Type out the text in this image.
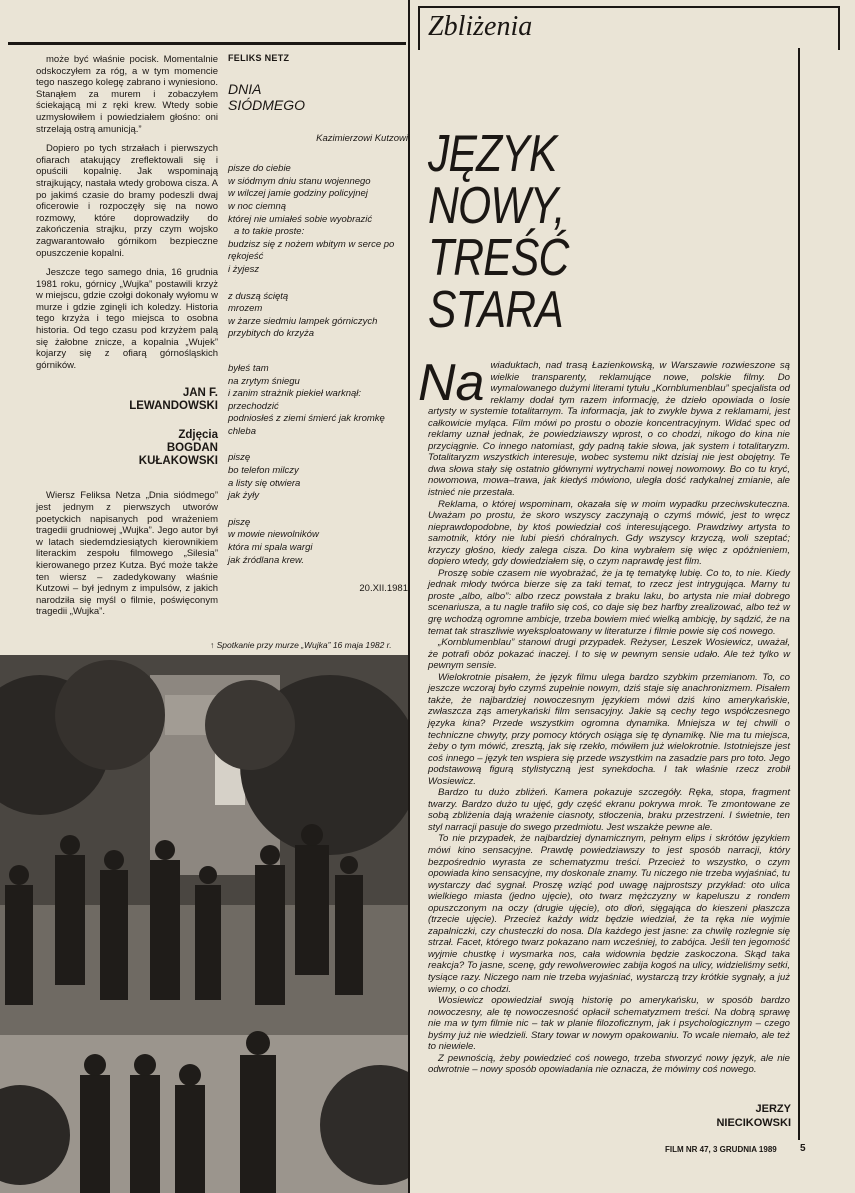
może być właśnie pocisk. Momentalnie odskoczyłem za róg, a w tym momencie tego naszego kolegę zabrano i wyniesiono. Stanąłem za murem i zobaczyłem ściekającą mi z ręki krew. Wtedy sobie uzmysłowiłem i powiedziałem głośno: oni strzelają ostrą amunicją.”

Dopiero po tych strzałach i pierwszych ofiarach atakujący zreflektowali się i opuścili kopalnię. Jak wspominają strajkujący, nastała wtedy grobowa cisza. A po jakimś czasie do bramy podeszli dwaj oficerowie i rozpoczęły się na nowo rozmowy, które doprowadziły do zakończenia strajku, przy czym wojsko zagwarantowało górnikom bezpieczne opuszczenie kopalni.

Jeszcze tego samego dnia, 16 grudnia 1981 roku, górnicy „Wujka” postawili krzyż w miejscu, gdzie czołgi dokonały wyłomu w murze i gdzie zginęli ich koledzy. Historia tego krzyża i tego miejsca to osobna historia. Od tego czasu pod krzyżem palą się żałobne znicze, a kopalnia „Wujek” kojarzy się z ofiarą górnośląskich górników.

JAN F.
LEWANDOWSKI
Zdjęcia
BOGDAN
KUŁAKOWSKI

Wiersz Feliksa Netza „Dnia siódmego” jest jednym z pierwszych utworów poetyckich napisanych pod wrażeniem tragedii grudniowej „Wujka”. Jego autor był w latach siedemdziesiątych kierownikiem literackim zespołu filmowego „Silesia” kierowanego przez Kutza. Być może także ten wiersz – zadedykowany właśnie Kutzowi – był jednym z impulsów, z jakich narodziła się myśl o filmie, poświęconym tragedii „Wujka”.

FELIKS NETZ

DNIA
SIÓDMEGO

Kazimierzowi Kutzowi

pisze do ciebie
w siódmym dniu stanu wojennego
w wilczej jamie godziny policyjnej
w noc ciemną
której nie umiałeś sobie wyobrazić
a to takie proste:
budzisz się z nożem wbitym w serce po rękojeść
i żyjesz
z duszą ściętą
mrozem
w żarze siedmiu lampek górniczych
przybitych do krzyża
byłeś tam
na zrytym śniegu
i zanim strażnik piekieł warknął:
przechodzić
podniosłeś z ziemi śmierć jak kromkę chleba
piszę
bo telefon milczy
a listy się otwiera
jak żyły
piszę
w mowie niewolników
która mi spala wargi
jak źródlana krew.
20.XII.1981
↑ Spotkanie przy murze „Wujka” 16 maja 1982 r.
Zbliżenia
JĘZYK
NOWY,
TREŚĆ
STARA

Na wiaduktach, nad trasą Łazienkowską, w Warszawie rozwieszone są wielkie transparenty, reklamujące nowe, polskie filmy. Do wymalowanego dużymi literami tytułu „Kornblumenblau” specjalista od reklamy dodał tym razem informację, że dzieło opowiada o losie artysty w systemie totalitarnym. Ta informacja, jak to zwykle bywa z reklamami, jest całkowicie myląca. Film mówi po prostu o obozie koncentracyjnym. Widać spec od reklamy uznał jednak, że powiedziawszy wprost, o co chodzi, nikogo do kina nie przyciągnie. Co innego natomiast, gdy padną takie słowa, jak system i totalitaryzm. Totalitaryzm wszystkich interesuje, wobec systemu nikt dzisiaj nie jest obojętny. Te dwa słowa stały się ostatnio głównymi wytrychami nowej nowomowy. Bo co tu kryć, nowomowa, mowa–trawa, jak kiedyś mówiono, uległa dość radykalnej zmianie, ale istnieć nie przestała.

Reklama, o której wspominam, okazała się w moim wypadku przeciwskuteczna. Uważam po prostu, że skoro wszyscy zaczynają o czymś mówić, jest to wręcz nieprawdopodobne, by ktoś powiedział coś interesującego. Prawdziwy artysta to samotnik, który nie lubi pieśń chóralnych. Gdy wszyscy krzyczą, woli szeptać; krzyczy głośno, kiedy zalega cisza. Do kina wybrałem się więc z opóźnieniem, dopiero wtedy, gdy dowiedziałem się, o czym naprawdę jest film.

Proszę sobie czasem nie wyobrażać, że ja tę tematykę lubię. Co to, to nie. Kiedy jednak młody twórca bierze się za taki temat, to rzecz jest intrygująca. Marny tu proste „albo, albo”: albo rzecz powstała z braku laku, bo artysta nie miał dobrego scenariusza, a tu nagle trafiło się coś, co daje się bez harfby zrealizować, albo też w grę wchodzą ogromne ambicje, trzeba bowiem mieć wielką ambicję, by sądzić, że na temat tak straszliwie wyeksploatowany w literaturze i filmie powie się coś nowego.

„Kornblumenblau” stanowi drugi przypadek. Reżyser, Leszek Wosiewicz, uważał, że potrafi obóz pokazać inaczej. I to się w pewnym sensie udało. Ale też tylko w pewnym sensie.

Wielokrotnie pisałem, że język filmu ulega bardzo szybkim przemianom. To, co jeszcze wczoraj było czymś zupełnie nowym, dziś staje się anachronizmem. Pisałem także, że najbardziej nowoczesnym językiem mówi dziś kino amerykańskie, zwłaszcza ząs amerykański film sensacyjny. Jakie są cechy tego współczesnego języka kina? Przede wszystkim ogromna dynamika. Mniejsza w tej chwili o techniczne chwyty, przy pomocy których osiąga się tę dynamikę. Nie ma tu miejsca, żeby o tym mówić, zresztą, jak się rzekło, mówiłem już wielokrotnie. Istotniejsze jest coś innego – język ten wspiera się przede wszystkim na zasadzie pars pro toto. Jego podstawową figurą stylistyczną jest synekdocha. I tak właśnie rzecz zrobił Wosiewicz.

Bardzo tu dużo zbliżeń. Kamera pokazuje szczegóły. Ręka, stopa, fragment twarzy. Bardzo dużo tu ujęć, gdy część ekranu pokrywa mrok. Te zmontowane ze sobą zbliżenia dają wrażenie ciasnoty, stłoczenia, braku przestrzeni. I świetnie, ten styl narracji pasuje do swego przedmiotu. Jest wszakże pewne ale.

To nie przypadek, że najbardziej dynamicznym, pełnym elips i skrótów językiem mówi kino sensacyjne. Prawdę powiedziawszy to jest sposób narracji, który bezpośrednio wyrasta ze schematyzmu treści. Przecież to wszystko, o czym opowiada kino sensacyjne, my doskonale znamy. Tu niczego nie trzeba wyjaśniać, tu wystarczy dać sygnał. Proszę wziąć pod uwagę najprostszy przykład: oto ulica wielkiego miasta (jedno ujęcie), oto twarz mężczyzny w kapeluszu z rondem opuszczonym na oczy (drugie ujęcie), oto dłoń, sięgająca do kieszeni płaszcza (trzecie ujęcie). Przecież każdy widz będzie wiedział, że ta ręka nie wyjmie zapalniczki, czy chusteczki do nosa. Dla każdego jest jasne: za chwilę rozlegnie się strzał. Facet, którego twarz pokazano nam wcześniej, to zabójca. Jeśli ten jegomość wyjmie chustkę i wysmarka nos, cała widownia będzie zaskoczona. Skąd taka reakcja? To jasne, scenę, gdy rewolwerowiec zabija kogoś na ulicy, widzieliśmy setki, tysiące razy. Niczego nam nie trzeba wyjaśniać, wystarczą trzy krótkie sygnały, a już wiemy, o co chodzi.

Wosiewicz opowiedział swoją historię po amerykańsku, w sposób bardzo nowoczesny, ale tę nowoczesność opłacił schematyzmem treści. Na dobrą sprawę nie ma w tym filmie nic – tak w planie filozoficznym, jak i psychologicznym – czego byśmy już nie wiedzieli. Stary towar w nowym opakowaniu. To wcale niemało, ale też to niewiele.

Z pewnością, żeby powiedzieć coś nowego, trzeba stworzyć nowy język, ale nie odwrotnie – nowy sposób opowiadania nie oznacza, że mówimy coś nowego.

JERZY
NIECIKOWSKI
FILM NR 47, 3 GRUDNIA 1989 5
